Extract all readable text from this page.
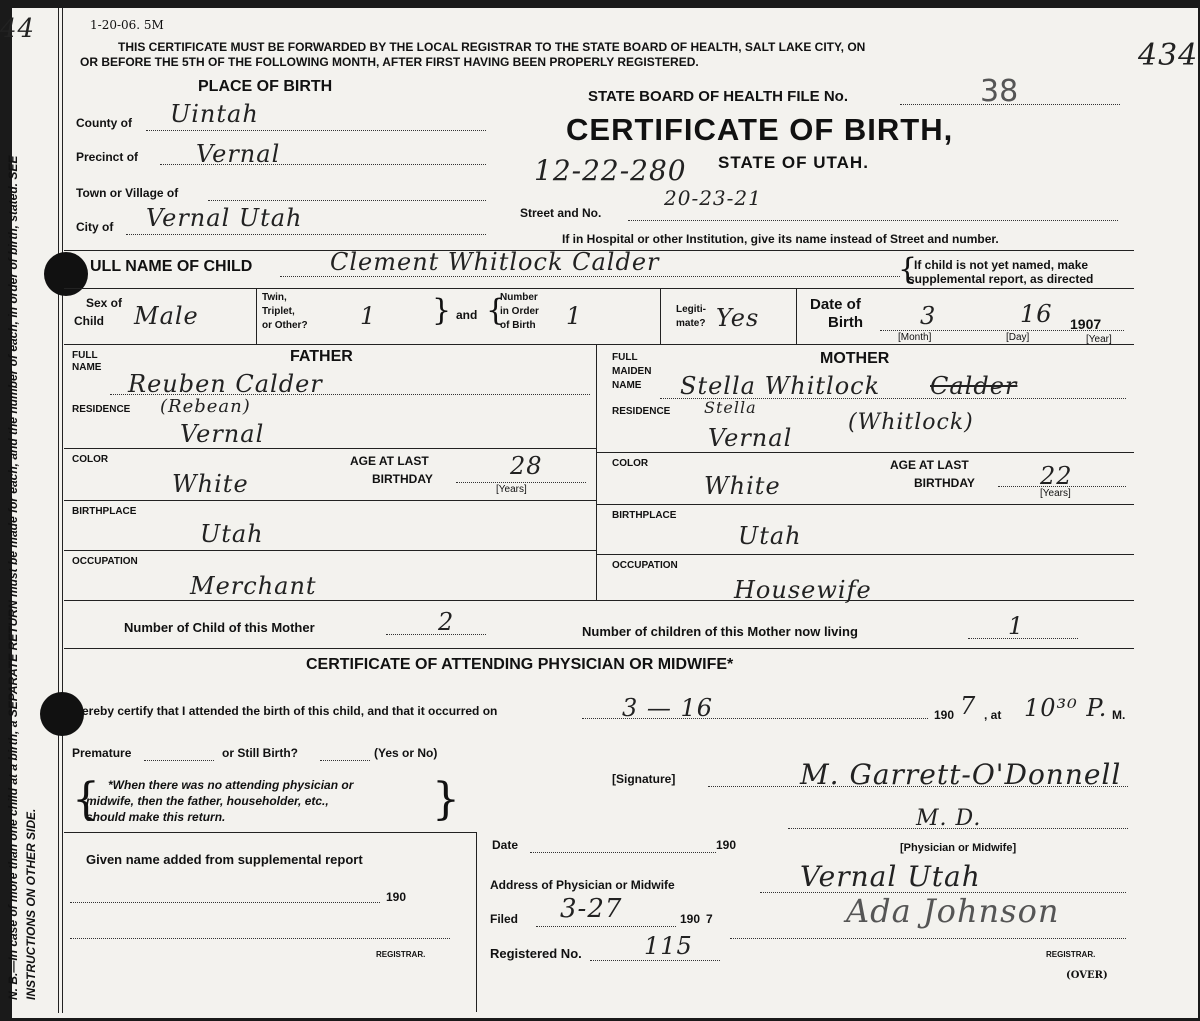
44
434
N. B.—In case of more than one child at a birth, a SEPARATE RETURN must be made for each, and the number of each, in order of birth, stated. SEE INSTRUCTIONS ON OTHER SIDE.
1-20-06. 5M
THIS CERTIFICATE MUST BE FORWARDED BY THE LOCAL REGISTRAR TO THE STATE BOARD OF HEALTH, SALT LAKE CITY, ON
OR BEFORE THE 5TH OF THE FOLLOWING MONTH, AFTER FIRST HAVING BEEN PROPERLY REGISTERED.
PLACE OF BIRTH
County of Uintah
Precinct of Vernal
Town or Village of
City of Vernal Utah
STATE BOARD OF HEALTH FILE No.	38
CERTIFICATE OF BIRTH,
12-22-280 STATE OF UTAH.
20-23-21
Street and No.
If in Hospital or other Institution, give its name instead of Street and number.
ULL NAME OF CHILD	Clement Whitlock Calder	{
If child is not yet named, make
supplemental report, as directed
Sex of
Child Male
Twin,
Triplet,
or Other? 1 } and {
Number
in Order
of Birth 1	Legiti-
mate? Yes	Date of
Birth 3	16 1907
[Month]	[Day]	[Year]
FULL
NAME
FATHER
Reuben Calder
RESIDENCE (Rebean)
Vernal
COLOR
White
AGE AT LAST
BIRTHDAY	28
[Years]
BIRTHPLACE
Utah
OCCUPATION
Merchant
FULL
MAIDEN
NAME
MOTHER
Stella Whitlock Calder
RESIDENCE Stella
Vernal
(Whitlock)
COLOR
White
AGE AT LAST
BIRTHDAY	22
[Years]
BIRTHPLACE
Utah
OCCUPATION
Housewife
Number of Child of this Mother	2	Number of children of this Mother now living	1
CERTIFICATE OF ATTENDING PHYSICIAN OR MIDWIFE*
ereby certify that I attended the birth of this child, and that it occurred on	3 — 16	190 7 , at 10³⁰ P. M.
Premature	or Still Birth?	(Yes or No)
{ *When there was no attending physician or
midwife, then the father, householder, etc.,
should make this return.	}	[Signature]	M. Garrett-O'Donnell
M. D.
[Physician or Midwife]
Given name added from supplemental report
190
REGISTRAR.
Date	190
Address of Physician or Midwife	Vernal Utah
Filed 3-27	190 7	Ada Johnson
Registered No.	115	REGISTRAR.
(OVER)
